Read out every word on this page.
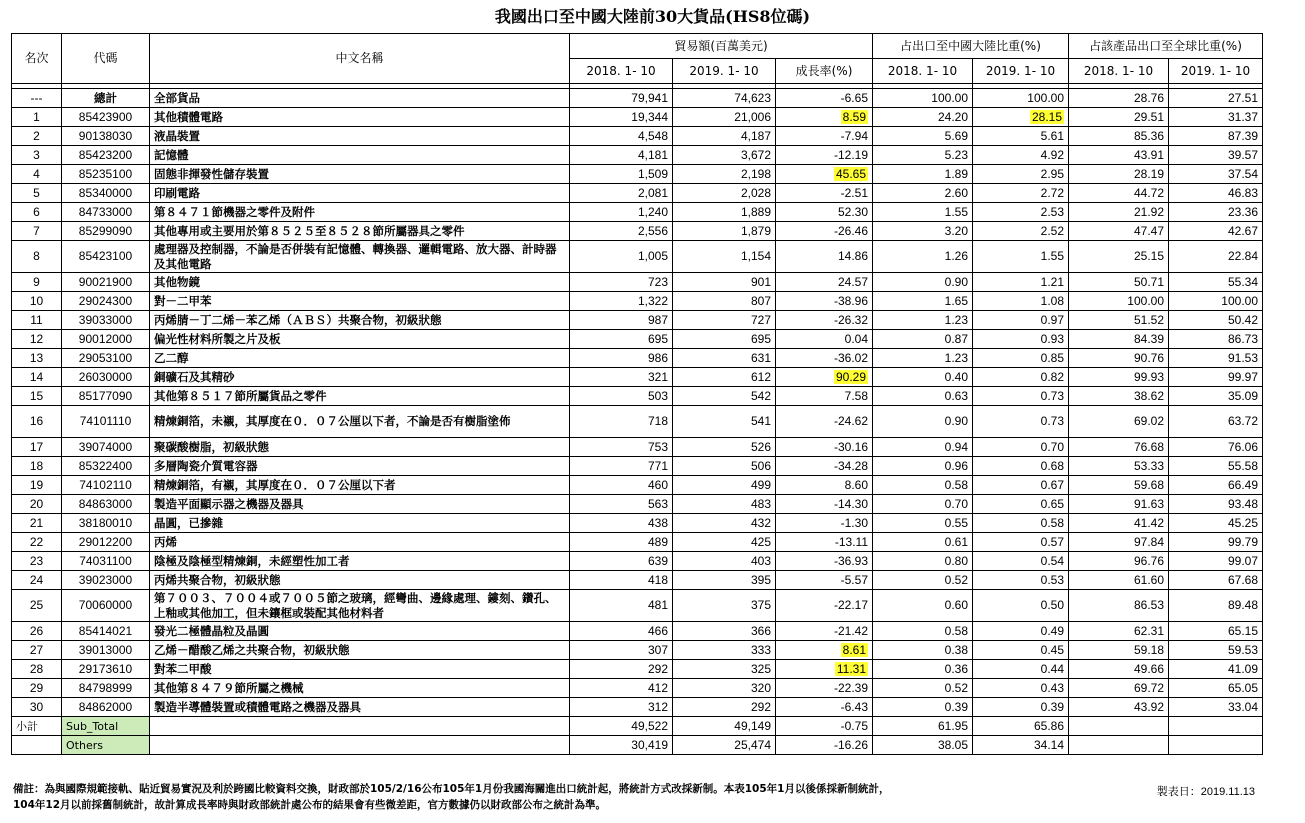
我國出口至中國大陸前30大貨品(HS8位碼)
名次	代碼	中文名稱	貿易額(百萬美元)			占出口至中國大陸比重(%)		占該產品出口至全球比重(%)	
			2018. 1- 10	2019. 1- 10	成長率(%)	2018. 1- 10	2019. 1- 10	2018. 1- 10	2019. 1- 10

---	總計	全部貨品	79,941	74,623	-6.65	100.00	100.00	28.76	27.51
1	85423900	其他積體電路	19,344	21,006	8.59	24.20	28.15	29.51	31.37
2	90138030	液晶裝置	4,548	4,187	-7.94	5.69	5.61	85.36	87.39
3	85423200	記憶體	4,181	3,672	-12.19	5.23	4.92	43.91	39.57
4	85235100	固態非揮發性儲存裝置	1,509	2,198	45.65	1.89	2.95	28.19	37.54
5	85340000	印刷電路	2,081	2,028	-2.51	2.60	2.72	44.72	46.83
6	84733000	第８４７１節機器之零件及附件	1,240	1,889	52.30	1.55	2.53	21.92	23.36
7	85299090	其他專用或主要用於第８５２５至８５２８節所屬器具之零件	2,556	1,879	-26.46	3.20	2.52	47.47	42.67
8	85423100	處理器及控制器，不論是否併裝有記憶體、轉換器、邏輯電路、放大器、計時器及其他電路	1,005	1,154	14.86	1.26	1.55	25.15	22.84
9	90021900	其他物鏡	723	901	24.57	0.90	1.21	50.71	55.34
10	29024300	對－二甲苯	1,322	807	-38.96	1.65	1.08	100.00	100.00
11	39033000	丙烯腈－丁二烯－苯乙烯（ＡＢＳ）共聚合物，初級狀態	987	727	-26.32	1.23	0.97	51.52	50.42
12	90012000	偏光性材料所製之片及板	695	695	0.04	0.87	0.93	84.39	86.73
13	29053100	乙二醇	986	631	-36.02	1.23	0.85	90.76	91.53
14	26030000	銅礦石及其精砂	321	612	90.29	0.40	0.82	99.93	99.97
15	85177090	其他第８５１７節所屬貨品之零件	503	542	7.58	0.63	0.73	38.62	35.09
16	74101110	精煉銅箔，未襯，其厚度在０．０７公厘以下者，不論是否有樹脂塗佈	718	541	-24.62	0.90	0.73	69.02	63.72
17	39074000	聚碳酸樹脂，初級狀態	753	526	-30.16	0.94	0.70	76.68	76.06
18	85322400	多層陶瓷介質電容器	771	506	-34.28	0.96	0.68	53.33	55.58
19	74102110	精煉銅箔，有襯，其厚度在０．０７公厘以下者	460	499	8.60	0.58	0.67	59.68	66.49
20	84863000	製造平面顯示器之機器及器具	563	483	-14.30	0.70	0.65	91.63	93.48
21	38180010	晶圓，已摻雜	438	432	-1.30	0.55	0.58	41.42	45.25
22	29012200	丙烯	489	425	-13.11	0.61	0.57	97.84	99.79
23	74031100	陰極及陰極型精煉銅，未經塑性加工者	639	403	-36.93	0.80	0.54	96.76	99.07
24	39023000	丙烯共聚合物，初級狀態	418	395	-5.57	0.52	0.53	61.60	67.68
25	70060000	第７００３、７００４或７００５節之玻璃，經彎曲、邊緣處理、鏤刻、鑽孔、上釉或其他加工，但未鑲框或裝配其他材料者	481	375	-22.17	0.60	0.50	86.53	89.48
26	85414021	發光二極體晶粒及晶圓	466	366	-21.42	0.58	0.49	62.31	65.15
27	39013000	乙烯－醋酸乙烯之共聚合物，初級狀態	307	333	8.61	0.38	0.45	59.18	59.53
28	29173610	對苯二甲酸	292	325	11.31	0.36	0.44	49.66	41.09
29	84798999	其他第８４７９節所屬之機械	412	320	-22.39	0.52	0.43	69.72	65.05
30	84862000	製造半導體裝置或積體電路之機器及器具	312	292	-6.43	0.39	0.39	43.92	33.04
小計	Sub_Total		49,522	49,149	-0.75	61.95	65.86		
	Others		30,419	25,474	-16.26	38.05	34.14		
備註：為與國際規範接軌、貼近貿易實況及利於跨國比較資料交換，財政部於105/2/16公布105年1月份我國海關進出口統計起，將統計方式改採新制。本表105年1月以後係採新制統計，
104年12月以前採舊制統計，故計算成長率時與財政部統計處公布的結果會有些微差距，官方數據仍以財政部公布之統計為準。
製表日：2019.11.13
